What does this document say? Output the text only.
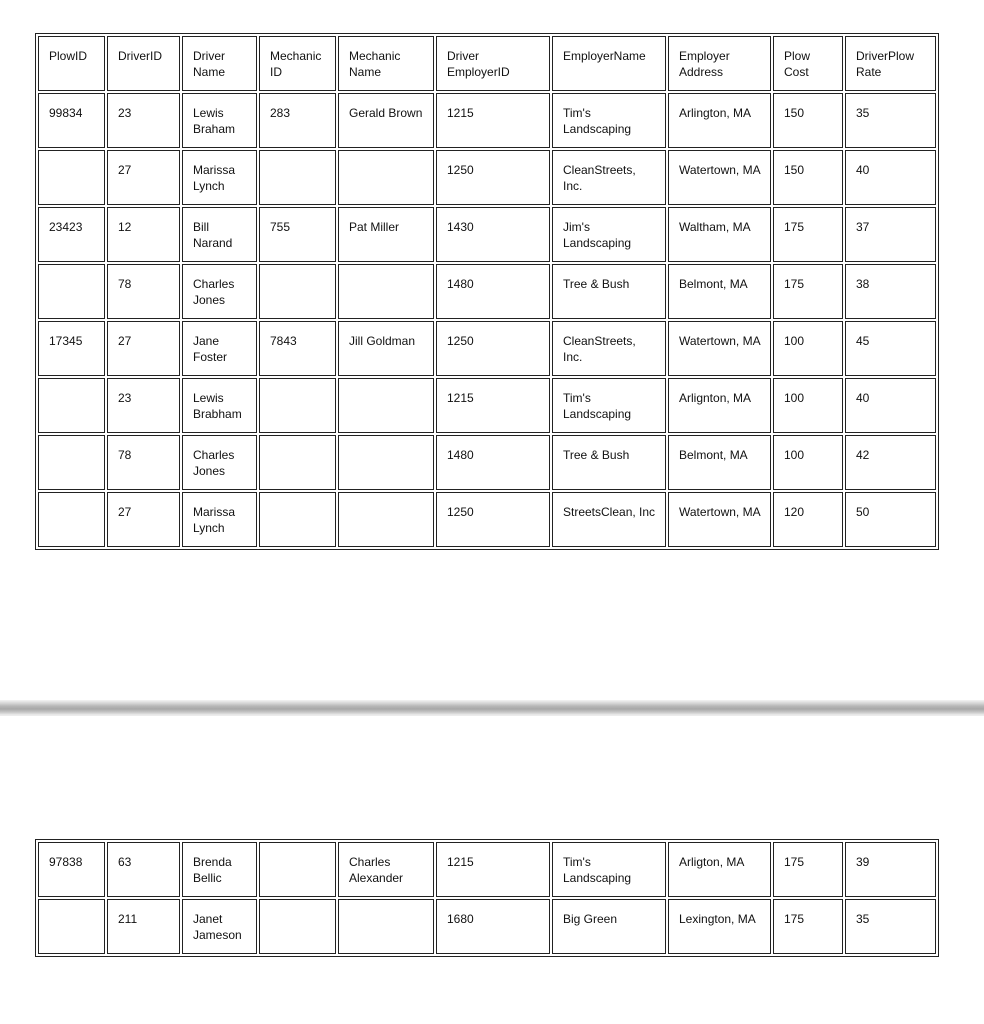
PlowID	DriverID	Driver Name	Mechanic ID	Mechanic Name	Driver EmployerID	EmployerName	Employer Address	Plow Cost	DriverPlow Rate
99834	23	Lewis Braham	283	Gerald Brown	1215	Tim's Landscaping	Arlington, MA	150	35
	27	Marissa Lynch			1250	CleanStreets, Inc.	Watertown, MA	150	40
23423	12	Bill Narand	755	Pat Miller	1430	Jim's Landscaping	Waltham, MA	175	37
	78	Charles Jones			1480	Tree & Bush	Belmont, MA	175	38
17345	27	Jane Foster	7843	Jill Goldman	1250	CleanStreets, Inc.	Watertown, MA	100	45
	23	Lewis Brabham			1215	Tim's Landscaping	Arlignton, MA	100	40
	78	Charles Jones			1480	Tree & Bush	Belmont, MA	100	42
	27	Marissa Lynch			1250	StreetsClean, Inc	Watertown, MA	120	50
97838	63	Brenda Bellic		Charles Alexander	1215	Tim's Landscaping	Arligton, MA	175	39
	211	Janet Jameson			1680	Big Green	Lexington, MA	175	35
